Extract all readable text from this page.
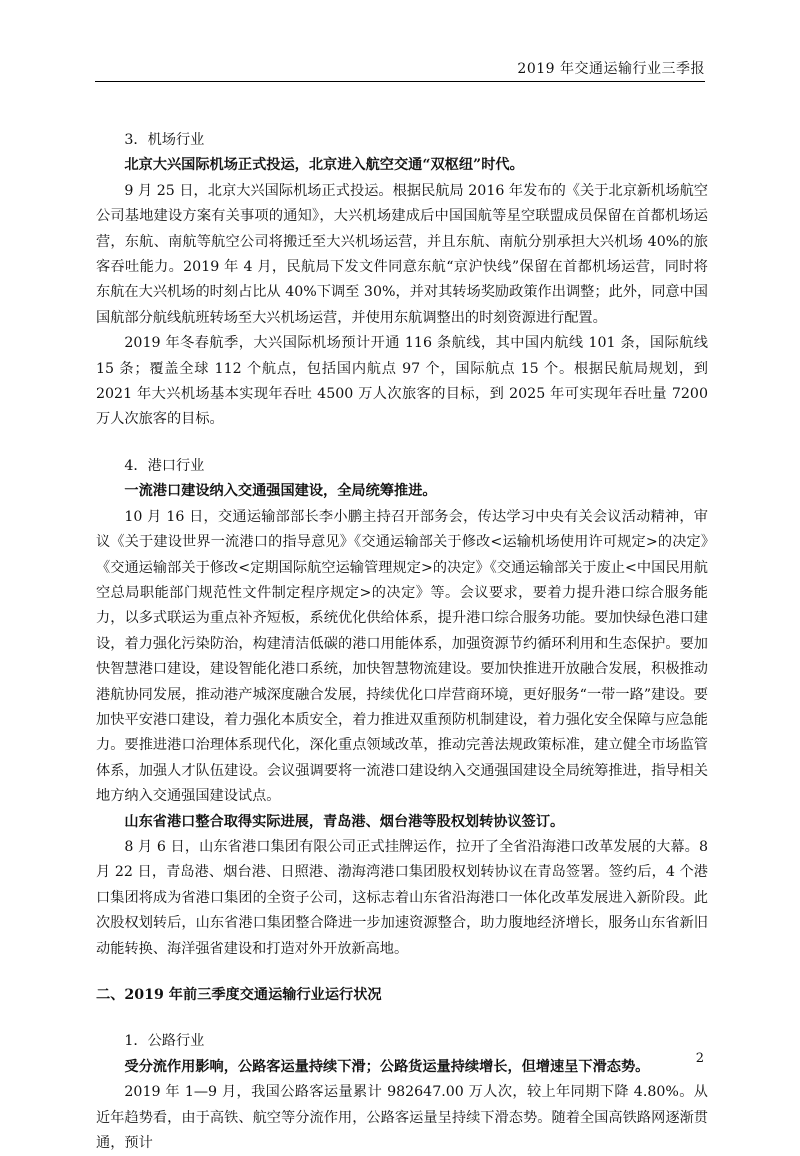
2019 年交通运输行业三季报

3．机场行业

北京大兴国际机场正式投运，北京进入航空交通“双枢纽”时代。

9 月 25 日，北京大兴国际机场正式投运。根据民航局 2016 年发布的《关于北京新机场航空公司基地建设方案有关事项的通知》，大兴机场建成后中国国航等星空联盟成员保留在首都机场运营，东航、南航等航空公司将搬迁至大兴机场运营，并且东航、南航分别承担大兴机场 40%的旅客吞吐能力。2019 年 4 月，民航局下发文件同意东航“京沪快线”保留在首都机场运营，同时将东航在大兴机场的时刻占比从 40%下调至 30%，并对其转场奖励政策作出调整；此外，同意中国国航部分航线航班转场至大兴机场运营，并使用东航调整出的时刻资源进行配置。

2019 年冬春航季，大兴国际机场预计开通 116 条航线，其中国内航线 101 条，国际航线 15 条；覆盖全球 112 个航点，包括国内航点 97 个，国际航点 15 个。根据民航局规划，到 2021 年大兴机场基本实现年吞吐 4500 万人次旅客的目标，到 2025 年可实现年吞吐量 7200 万人次旅客的目标。

4．港口行业

一流港口建设纳入交通强国建设，全局统筹推进。

10 月 16 日，交通运输部部长李小鹏主持召开部务会，传达学习中央有关会议活动精神，审议《关于建设世界一流港口的指导意见》《交通运输部关于修改<运输机场使用许可规定>的决定》《交通运输部关于修改<定期国际航空运输管理规定>的决定》《交通运输部关于废止<中国民用航空总局职能部门规范性文件制定程序规定>的决定》等。会议要求，要着力提升港口综合服务能力，以多式联运为重点补齐短板，系统优化供给体系，提升港口综合服务功能。要加快绿色港口建设，着力强化污染防治，构建清洁低碳的港口用能体系，加强资源节约循环利用和生态保护。要加快智慧港口建设，建设智能化港口系统，加快智慧物流建设。要加快推进开放融合发展，积极推动港航协同发展，推动港产城深度融合发展，持续优化口岸营商环境，更好服务“一带一路”建设。要加快平安港口建设，着力强化本质安全，着力推进双重预防机制建设，着力强化安全保障与应急能力。要推进港口治理体系现代化，深化重点领域改革，推动完善法规政策标准，建立健全市场监管体系，加强人才队伍建设。会议强调要将一流港口建设纳入交通强国建设全局统筹推进，指导相关地方纳入交通强国建设试点。

山东省港口整合取得实际进展，青岛港、烟台港等股权划转协议签订。

8 月 6 日，山东省港口集团有限公司正式挂牌运作，拉开了全省沿海港口改革发展的大幕。8 月 22 日，青岛港、烟台港、日照港、渤海湾港口集团股权划转协议在青岛签署。签约后，4 个港口集团将成为省港口集团的全资子公司，这标志着山东省沿海港口一体化改革发展进入新阶段。此次股权划转后，山东省港口集团整合降进一步加速资源整合，助力腹地经济增长，服务山东省新旧动能转换、海洋强省建设和打造对外开放新高地。

二、2019 年前三季度交通运输行业运行状况

1．公路行业

受分流作用影响，公路客运量持续下滑；公路货运量持续增长，但增速呈下滑态势。

2019 年 1—9 月，我国公路客运量累计 982647.00 万人次，较上年同期下降 4.80%。从近年趋势看，由于高铁、航空等分流作用，公路客运量呈持续下滑态势。随着全国高铁路网逐渐贯通，预计

2
